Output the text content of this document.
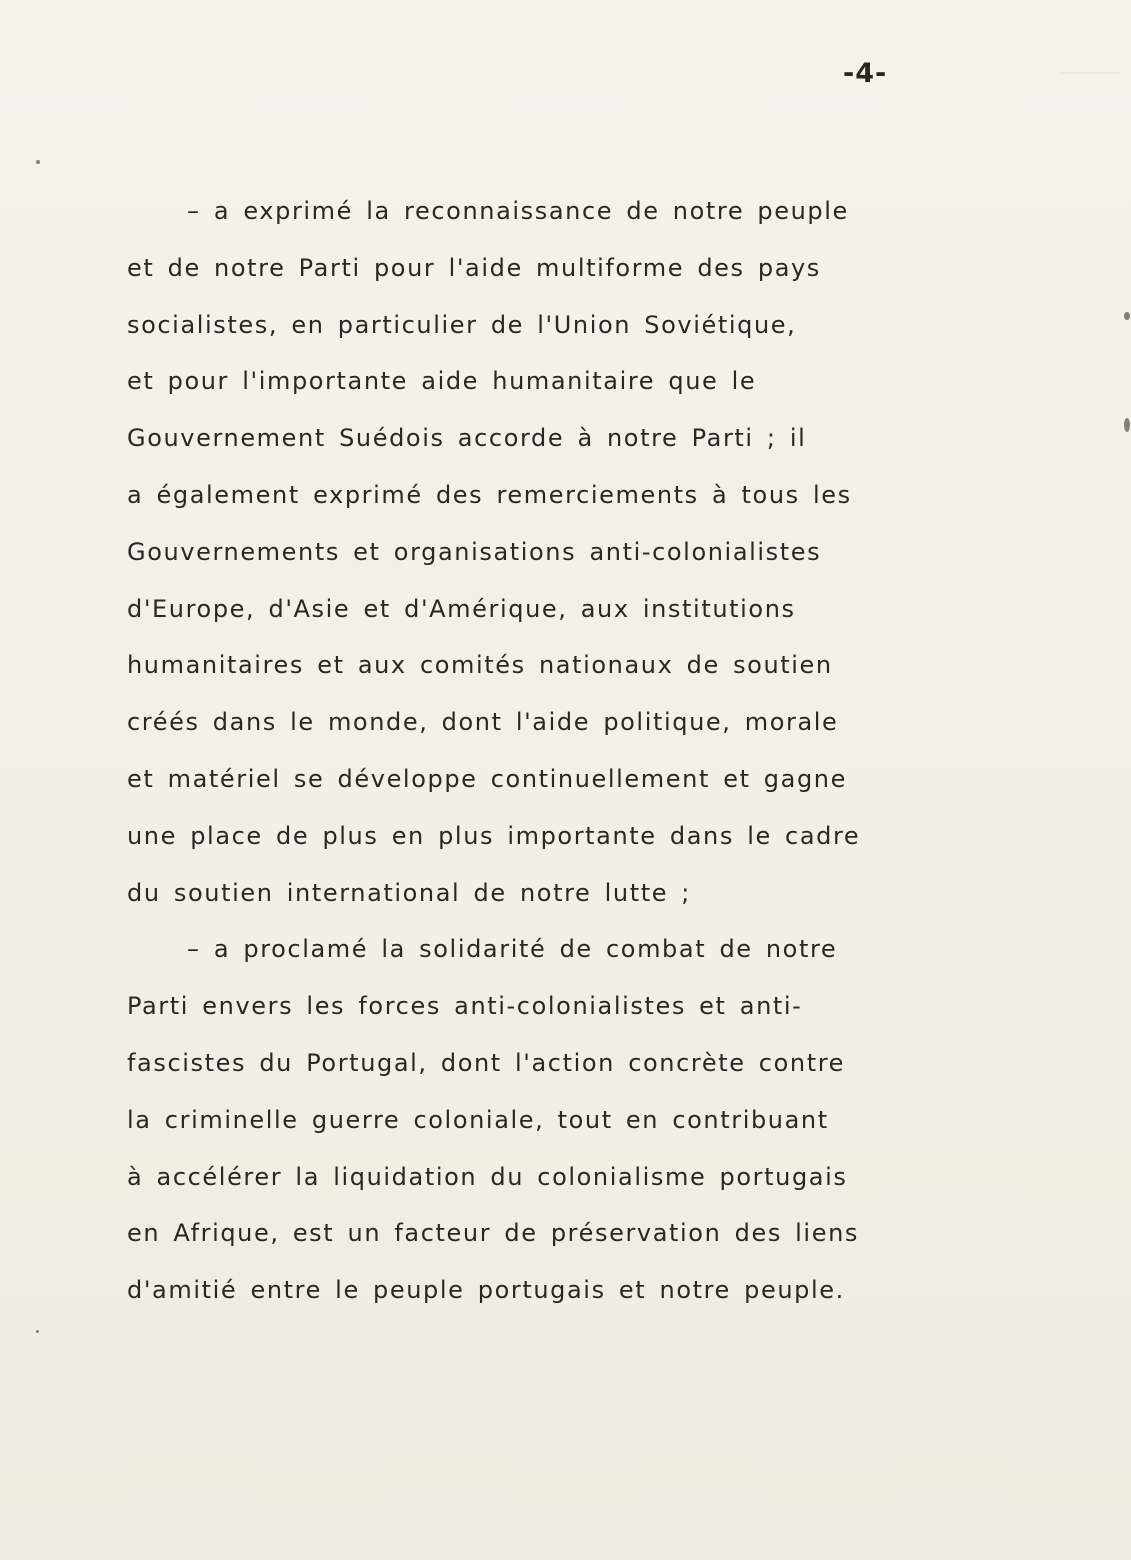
-4-
– a exprimé la reconnaissance de notre peuple
et de notre Parti pour l'aide multiforme des pays
socialistes, en particulier de l'Union Soviétique,
et pour l'importante aide humanitaire que le
Gouvernement Suédois accorde à notre Parti ; il
a également exprimé des remerciements à tous les
Gouvernements et organisations anti-colonialistes
d'Europe, d'Asie et d'Amérique, aux institutions
humanitaires et aux comités nationaux de soutien
créés dans le monde, dont l'aide politique, morale
et matériel se développe continuellement et gagne
une place de plus en plus importante dans le cadre
du soutien international de notre lutte ;
– a proclamé la solidarité de combat de notre
Parti envers les forces anti-colonialistes et anti-
fascistes du Portugal, dont l'action concrète contre
la criminelle guerre coloniale, tout en contribuant
à accélérer la liquidation du colonialisme portugais
en Afrique, est un facteur de préservation des liens
d'amitié entre le peuple portugais et notre peuple.
